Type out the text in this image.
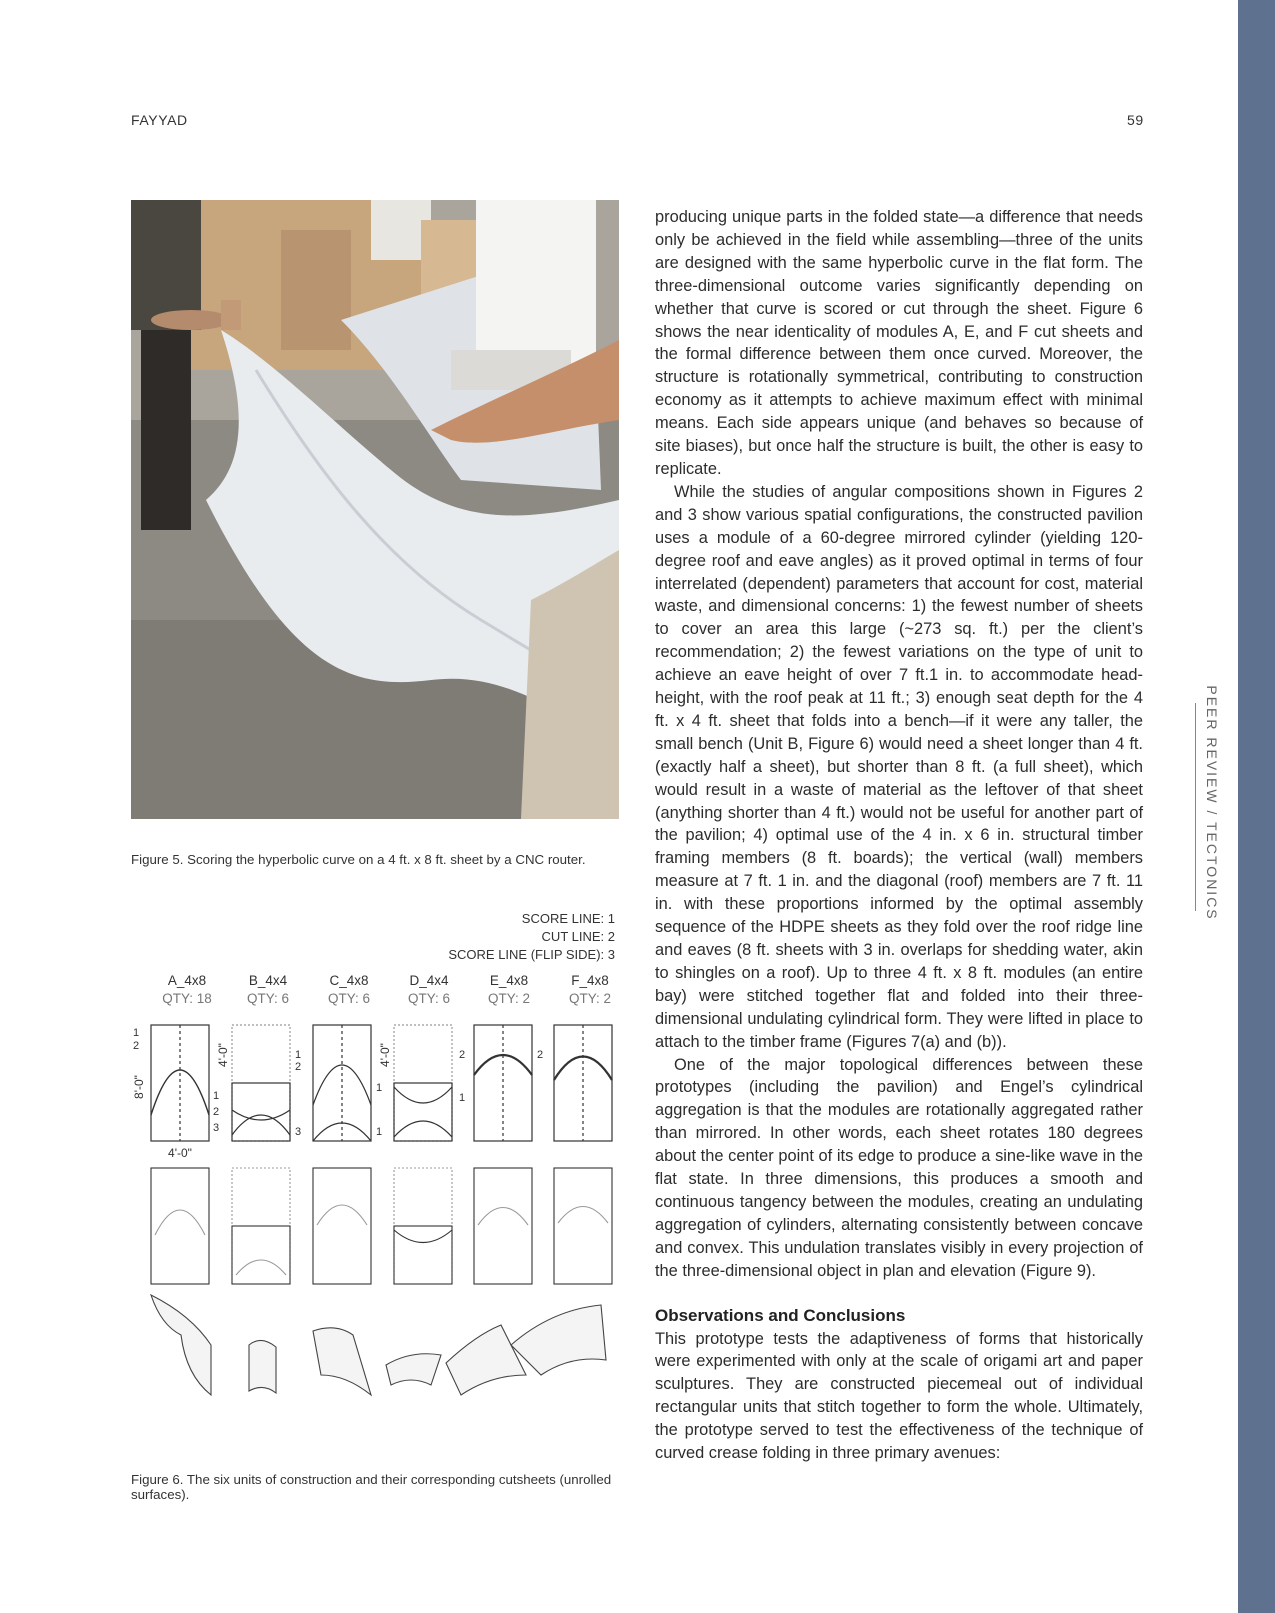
FAYYAD	59
PEER REVIEW / TECTONICS
Figure 5. Scoring the hyperbolic curve on a 4 ft. x 8 ft. sheet by a CNC router.
SCORE LINE: 1
CUT LINE: 2
SCORE LINE (FLIP SIDE): 3
A_4x8
QTY: 18
B_4x4
QTY: 6
C_4x8
QTY: 6
D_4x4
QTY: 6
E_4x8
QTY: 2
F_4x8
QTY: 2
8'-0"
4'-0"
4'-0"	4'-0"
1
2
1
2
3
1
2
3
1
1
2
1
2
Figure 6. The six units of construction and their corresponding cutsheets (unrolled surfaces).

producing unique parts in the folded state—a difference that needs only be achieved in the field while assembling—three of the units are designed with the same hyperbolic curve in the flat form. The three-dimensional outcome varies significantly depending on whether that curve is scored or cut through the sheet. Figure 6 shows the near identicality of modules A, E, and F cut sheets and the formal difference between them once curved. Moreover, the structure is rotationally symmetrical, contributing to construction economy as it attempts to achieve maximum effect with minimal means. Each side appears unique (and behaves so because of site biases), but once half the structure is built, the other is easy to replicate.

While the studies of angular compositions shown in Figures 2 and 3 show various spatial configurations, the constructed pavilion uses a module of a 60-degree mirrored cylinder (yielding 120-degree roof and eave angles) as it proved optimal in terms of four interrelated (dependent) parameters that account for cost, material waste, and dimensional concerns: 1) the fewest number of sheets to cover an area this large (~273 sq. ft.) per the client’s recommendation; 2) the fewest variations on the type of unit to achieve an eave height of over 7 ft.1 in. to accommodate head-height, with the roof peak at 11 ft.; 3) enough seat depth for the 4 ft. x 4 ft. sheet that folds into a bench—if it were any taller, the small bench (Unit B, Figure 6) would need a sheet longer than 4 ft. (exactly half a sheet), but shorter than 8 ft. (a full sheet), which would result in a waste of material as the leftover of that sheet (anything shorter than 4 ft.) would not be useful for another part of the pavilion; 4) optimal use of the 4 in. x 6 in. structural timber framing members (8 ft. boards); the vertical (wall) members measure at 7 ft. 1 in. and the diagonal (roof) members are 7 ft. 11 in. with these proportions informed by the optimal assembly sequence of the HDPE sheets as they fold over the roof ridge line and eaves (8 ft. sheets with 3 in. overlaps for shedding water, akin to shingles on a roof). Up to three 4 ft. x 8 ft. modules (an entire bay) were stitched together flat and folded into their three-dimensional undulating cylindrical form. They were lifted in place to attach to the timber frame (Figures 7(a) and (b)).

One of the major topological differences between these prototypes (including the pavilion) and Engel’s cylindrical aggregation is that the modules are rotationally aggregated rather than mirrored. In other words, each sheet rotates 180 degrees about the center point of its edge to produce a sine-like wave in the flat state. In three dimensions, this produces a smooth and continuous tangency between the modules, creating an undulating aggregation of cylinders, alternating consistently between concave and convex. This undulation translates visibly in every projection of the three-dimensional object in plan and elevation (Figure 9).

Observations and Conclusions

This prototype tests the adaptiveness of forms that historically were experimented with only at the scale of origami art and paper sculptures. They are constructed piecemeal out of individual rectangular units that stitch together to form the whole. Ultimately, the prototype served to test the effectiveness of the technique of curved crease folding in three primary avenues:
